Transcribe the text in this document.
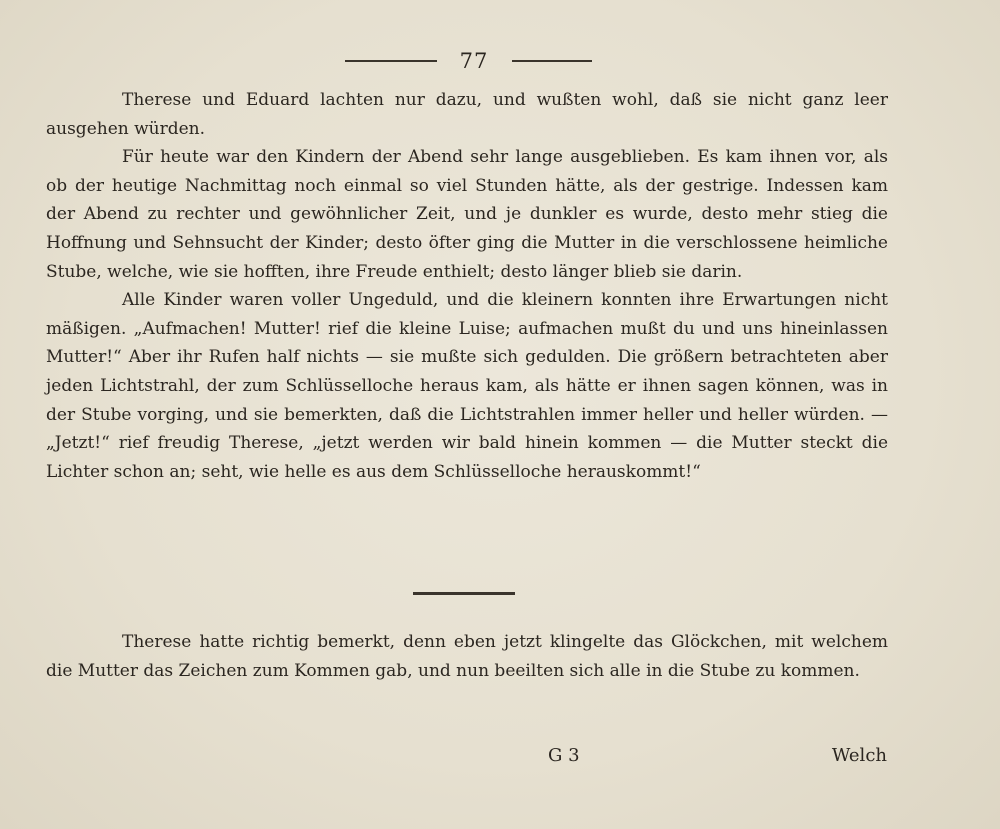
77

Therese und Eduard lachten nur dazu, und wußten wohl, daß sie nicht ganz leer ausgehen würden.

Für heute war den Kindern der Abend sehr lange ausgeblieben. Es kam ihnen vor, als ob der heutige Nachmittag noch einmal so viel Stunden hätte, als der gestrige. Indessen kam der Abend zu rechter und gewöhnlicher Zeit, und je dunkler es wurde, desto mehr stieg die Hoffnung und Sehnsucht der Kinder; desto öfter ging die Mutter in die verschlossene heimliche Stube, welche, wie sie hofften, ihre Freude enthielt; desto länger blieb sie darin.

Alle Kinder waren voller Ungeduld, und die kleinern konnten ihre Erwartungen nicht mäßigen. „Aufmachen! Mutter! rief die kleine Luise; aufmachen mußt du und uns hineinlassen Mutter!“ Aber ihr Rufen half nichts — sie mußte sich gedulden. Die größern betrachteten aber jeden Lichtstrahl, der zum Schlüsselloche heraus kam, als hätte er ihnen sagen können, was in der Stube vorging, und sie bemerkten, daß die Lichtstrahlen immer heller und heller würden. — „Jetzt!“ rief freudig Therese, „jetzt werden wir bald hinein kommen — die Mutter steckt die Lichter schon an; seht, wie helle es aus dem Schlüsselloche herauskommt!“

Therese hatte richtig bemerkt, denn eben jetzt klingelte das Glöckchen, mit welchem die Mutter das Zeichen zum Kommen gab, und nun beeilten sich alle in die Stube zu kommen.

G 3	Welch
